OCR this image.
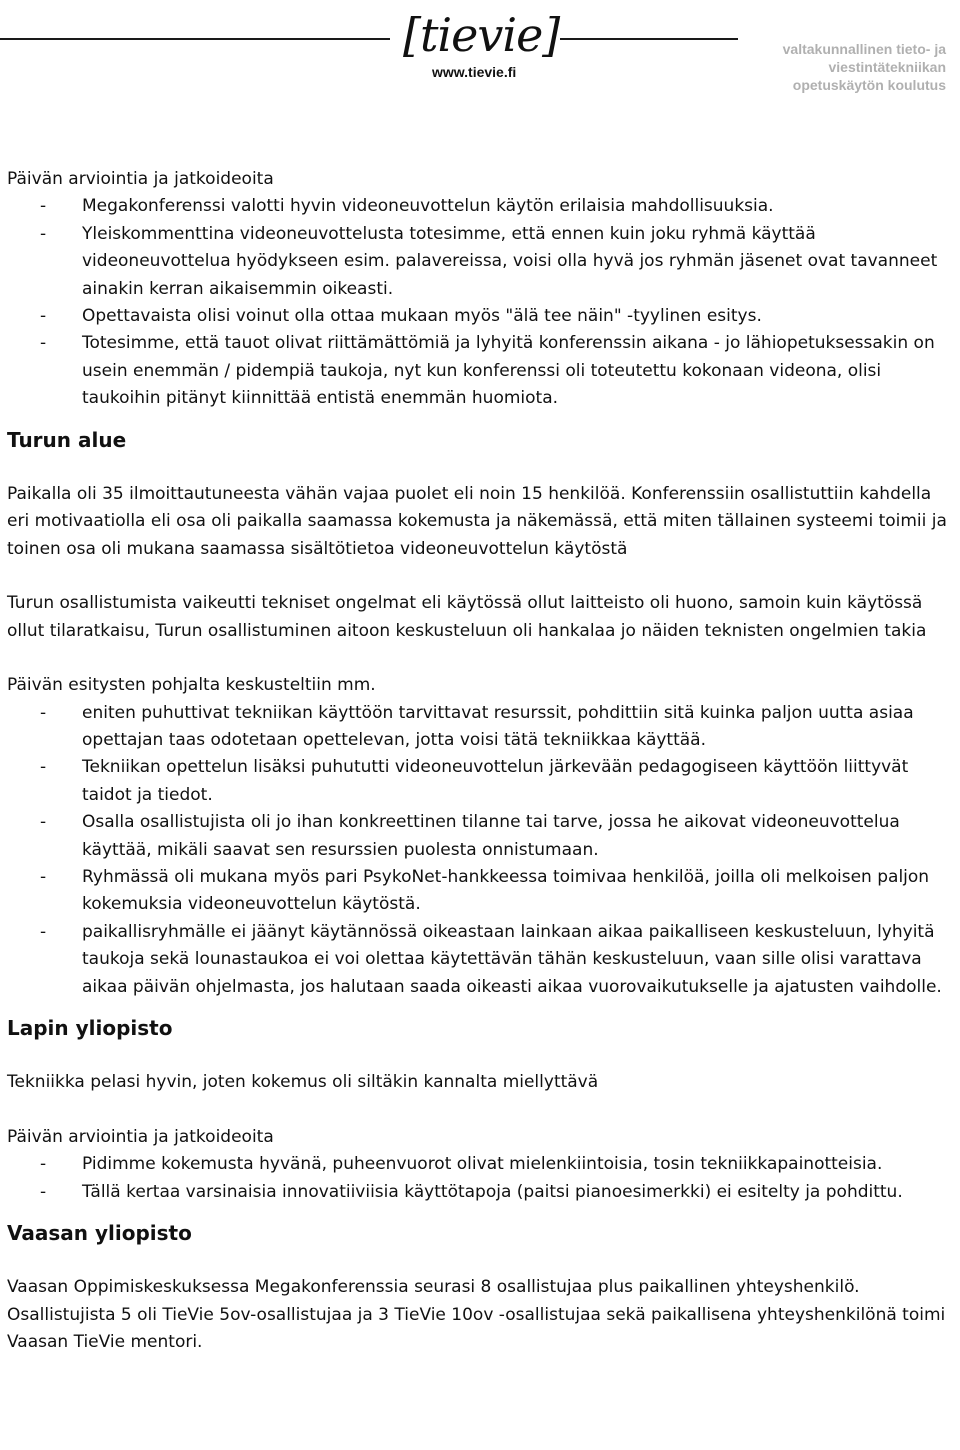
[tievie]
www.tievie.fi
valtakunnallinen tieto- ja
viestintätekniikan
opetuskäytön koulutus

Päivän arviointia ja jatkoideoita

- Megakonferenssi valotti hyvin videoneuvottelun käytön erilaisia mahdollisuuksia.
- Yleiskommenttina videoneuvottelusta totesimme, että ennen kuin joku ryhmä käyttää videoneuvottelua hyödykseen esim. palavereissa, voisi olla hyvä jos ryhmän jäsenet ovat tavanneet ainakin kerran aikaisemmin oikeasti.
- Opettavaista olisi voinut olla ottaa mukaan myös "älä tee näin" -tyylinen esitys.
- Totesimme, että tauot olivat riittämättömiä ja lyhyitä konferenssin aikana - jo lähiopetuksessakin on usein enemmän / pidempiä taukoja, nyt kun konferenssi oli toteutettu kokonaan videona, olisi taukoihin pitänyt kiinnittää entistä enemmän huomiota.

Turun alue

Paikalla oli 35 ilmoittautuneesta vähän vajaa puolet eli noin 15 henkilöä. Konferenssiin osallistuttiin kahdella eri motivaatiolla eli osa oli paikalla saamassa kokemusta ja näkemässä, että miten tällainen systeemi toimii ja toinen osa oli mukana saamassa sisältötietoa videoneuvottelun käytöstä

Turun osallistumista vaikeutti tekniset ongelmat eli käytössä ollut laitteisto oli huono, samoin kuin käytössä ollut tilaratkaisu, Turun osallistuminen aitoon keskusteluun oli hankalaa jo näiden teknisten ongelmien takia

Päivän esitysten pohjalta keskusteltiin mm.

- eniten puhuttivat tekniikan käyttöön tarvittavat resurssit, pohdittiin sitä kuinka paljon uutta asiaa opettajan taas odotetaan opettelevan, jotta voisi tätä tekniikkaa käyttää.
- Tekniikan opettelun lisäksi puhututti videoneuvottelun järkevään pedagogiseen käyttöön liittyvät taidot ja tiedot.
- Osalla osallistujista oli jo ihan konkreettinen tilanne tai tarve, jossa he aikovat videoneuvottelua käyttää, mikäli saavat sen resurssien puolesta onnistumaan.
- Ryhmässä oli mukana myös pari PsykoNet-hankkeessa toimivaa henkilöä, joilla oli melkoisen paljon kokemuksia videoneuvottelun käytöstä.
- paikallisryhmälle ei jäänyt käytännössä oikeastaan lainkaan aikaa paikalliseen keskusteluun, lyhyitä taukoja sekä lounastaukoa ei voi olettaa käytettävän tähän keskusteluun, vaan sille olisi varattava aikaa päivän ohjelmasta, jos halutaan saada oikeasti aikaa vuorovaikutukselle ja ajatusten vaihdolle.

Lapin yliopisto

Tekniikka pelasi hyvin, joten kokemus oli siltäkin kannalta miellyttävä

Päivän arviointia ja jatkoideoita

- Pidimme kokemusta hyvänä, puheenvuorot olivat mielenkiintoisia, tosin tekniikkapainotteisia.
- Tällä kertaa varsinaisia innovatiiviisia käyttötapoja (paitsi pianoesimerkki) ei esitelty ja pohdittu.

Vaasan yliopisto

Vaasan Oppimiskeskuksessa Megakonferenssia seurasi 8 osallistujaa plus paikallinen yhteyshenkilö. Osallistujista 5 oli TieVie 5ov-osallistujaa ja 3 TieVie 10ov -osallistujaa sekä paikallisena yhteyshenkilönä toimi Vaasan TieVie mentori.
